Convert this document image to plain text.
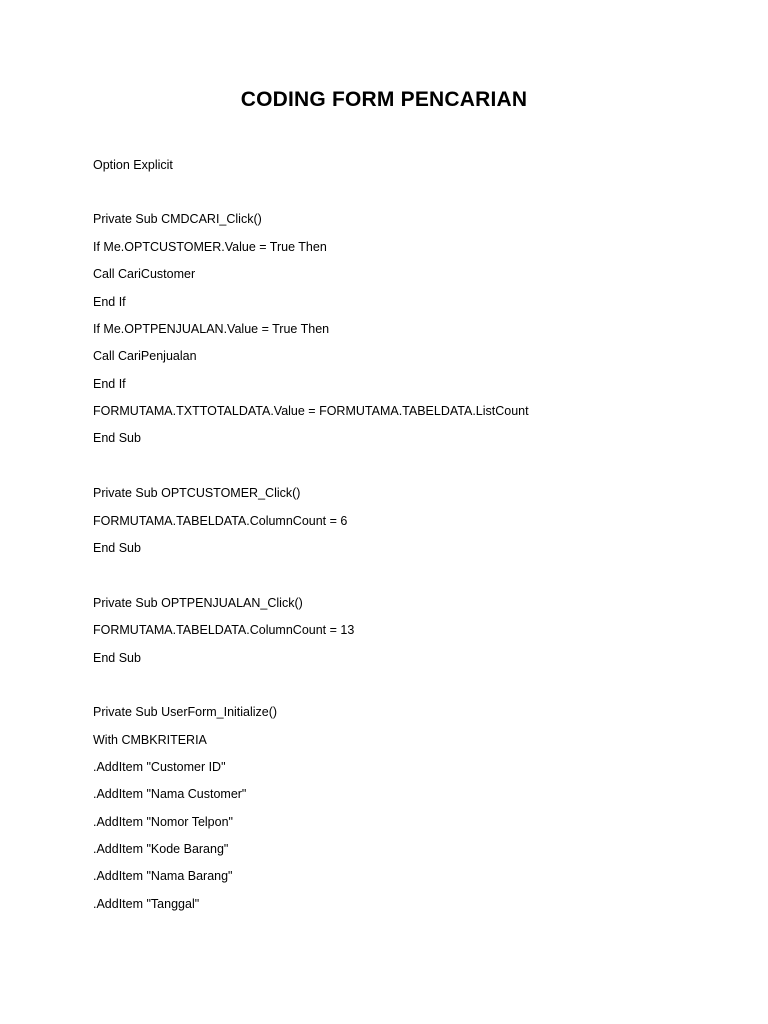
CODING FORM PENCARIAN

Option Explicit

Private Sub CMDCARI_Click()

If Me.OPTCUSTOMER.Value = True Then

Call CariCustomer

End If

If Me.OPTPENJUALAN.Value = True Then

Call CariPenjualan

End If

FORMUTAMA.TXTTOTALDATA.Value = FORMUTAMA.TABELDATA.ListCount

End Sub

Private Sub OPTCUSTOMER_Click()

FORMUTAMA.TABELDATA.ColumnCount = 6

End Sub

Private Sub OPTPENJUALAN_Click()

FORMUTAMA.TABELDATA.ColumnCount = 13

End Sub

Private Sub UserForm_Initialize()

With CMBKRITERIA

.AddItem "Customer ID"

.AddItem "Nama Customer"

.AddItem "Nomor Telpon"

.AddItem "Kode Barang"

.AddItem "Nama Barang"

.AddItem "Tanggal"
